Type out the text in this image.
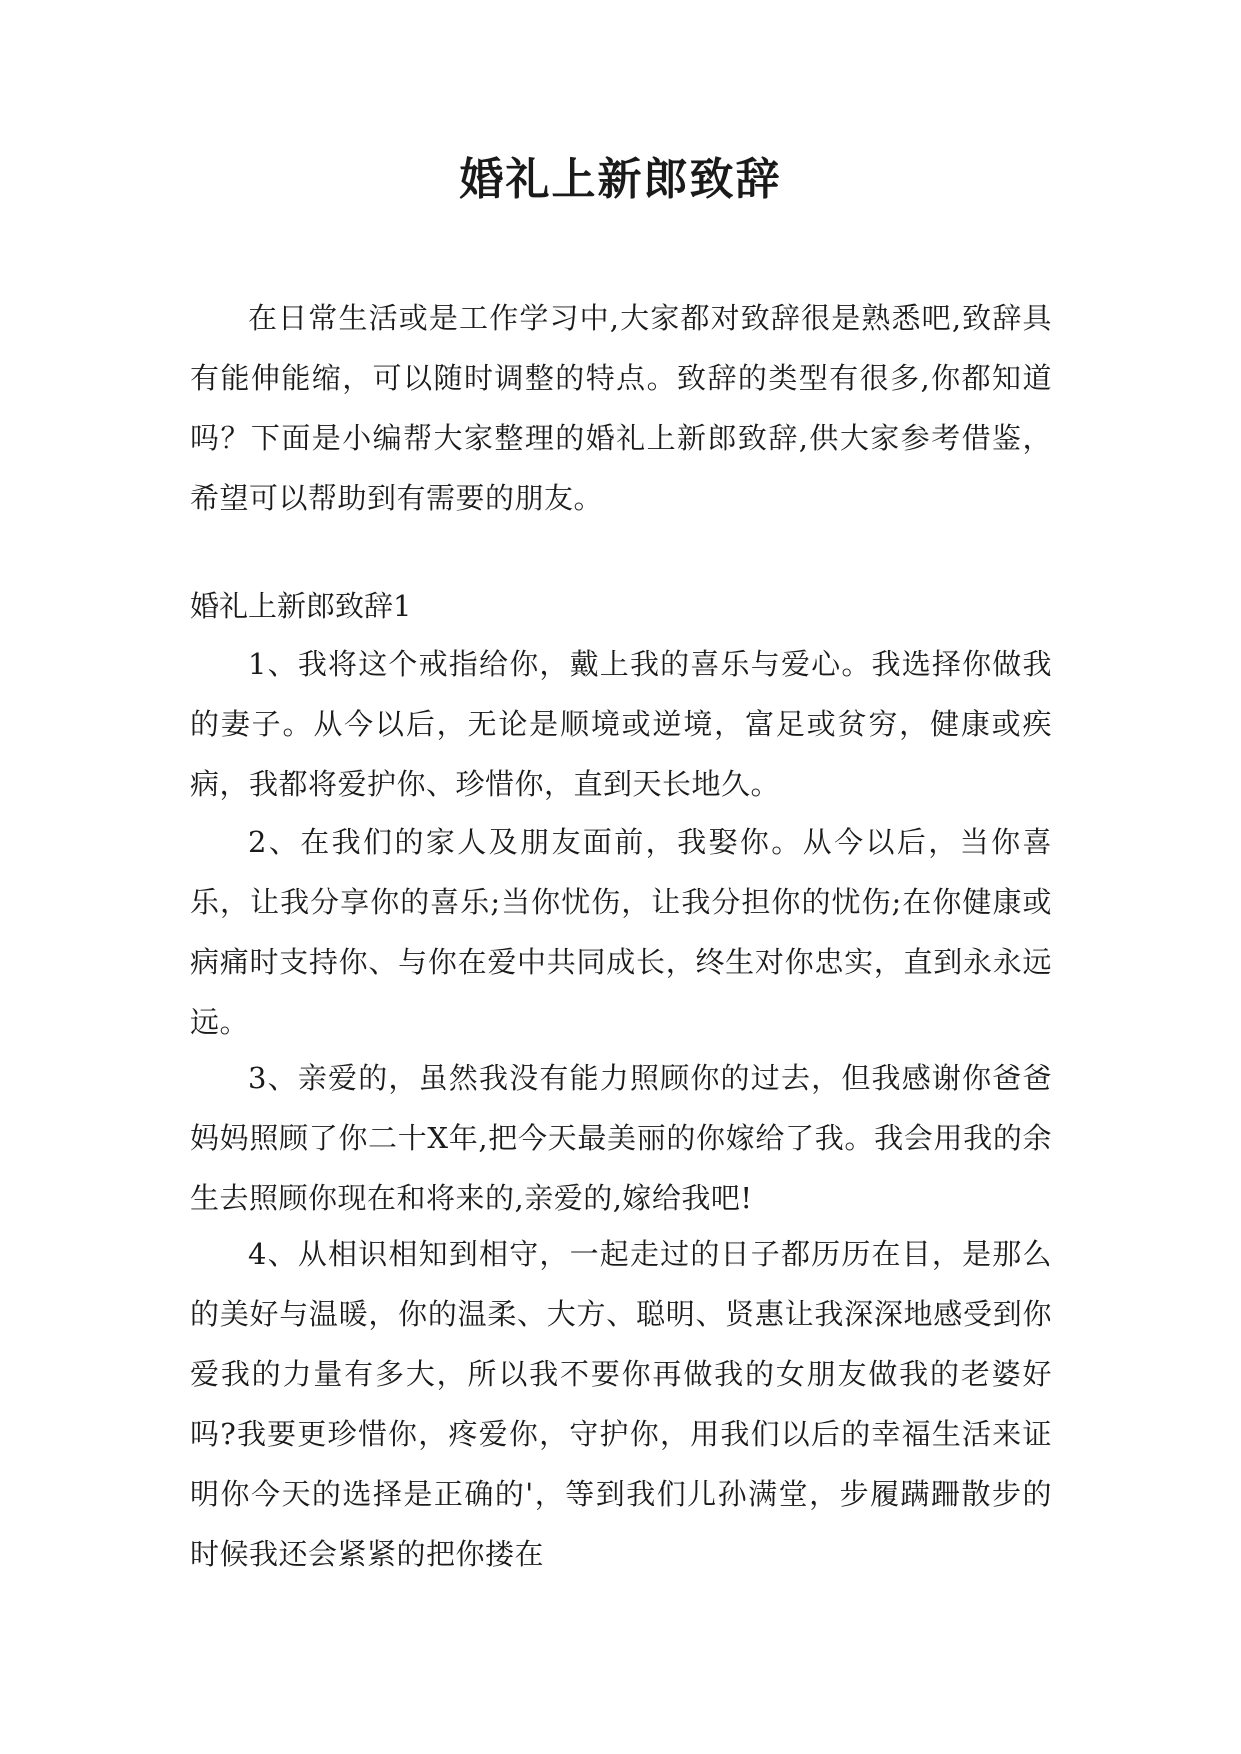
婚礼上新郎致辞

在日常生活或是工作学习中,大家都对致辞很是熟悉吧,致辞具有能伸能缩，可以随时调整的特点。致辞的类型有很多,你都知道吗？下面是小编帮大家整理的婚礼上新郎致辞,供大家参考借鉴，希望可以帮助到有需要的朋友。

婚礼上新郎致辞1

1、我将这个戒指给你，戴上我的喜乐与爱心。我选择你做我的妻子。从今以后，无论是顺境或逆境，富足或贫穷，健康或疾病，我都将爱护你、珍惜你，直到天长地久。

2、在我们的家人及朋友面前，我娶你。从今以后，当你喜乐，让我分享你的喜乐;当你忧伤，让我分担你的忧伤;在你健康或病痛时支持你、与你在爱中共同成长，终生对你忠实，直到永永远远。

3、亲爱的，虽然我没有能力照顾你的过去，但我感谢你爸爸妈妈照顾了你二十X年,把今天最美丽的你嫁给了我。我会用我的余生去照顾你现在和将来的,亲爱的,嫁给我吧!

4、从相识相知到相守，一起走过的日子都历历在目，是那么的美好与温暖，你的温柔、大方、聪明、贤惠让我深深地感受到你爱我的力量有多大，所以我不要你再做我的女朋友做我的老婆好吗?我要更珍惜你，疼爱你，守护你，用我们以后的幸福生活来证明你今天的选择是正确的'，等到我们儿孙满堂，步履蹒跚散步的时候我还会紧紧的把你搂在
